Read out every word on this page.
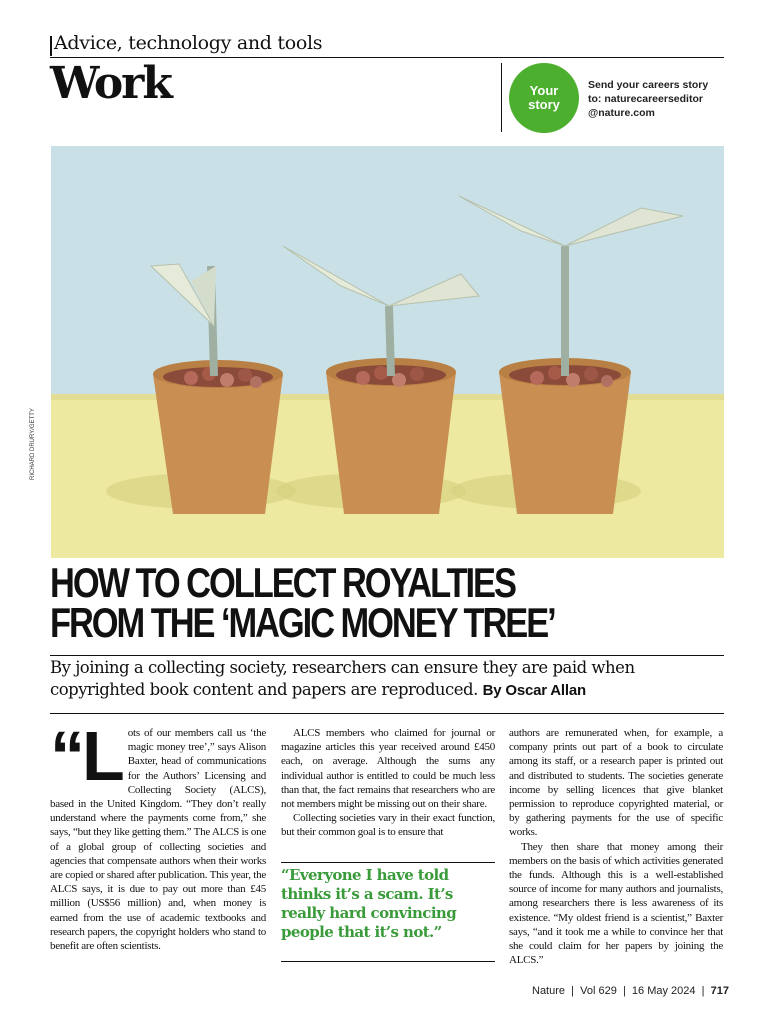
Advice, technology and tools
Work	Your
story
Send your careers story
to: naturecareerseditor
@nature.com
RICHARD DRURY/GETTY
HOW TO COLLECT ROYALTIES
FROM THE ‘MAGIC MONEY TREE’
By joining a collecting society, researchers can ensure they are paid when copyrighted book content and papers are reproduced. By Oscar Allan
“L ots of our members call us ‘the magic money tree’,” says Alison Baxter, head of communications for the Authors’ Licensing and Collecting Society (ALCS), based in the United Kingdom. “They don’t really understand where the payments come from,” she says, “but they like getting them.” The ALCS is one of a global group of collecting societies and agencies that compensate authors when their works are copied or shared after publication. This year, the ALCS says, it is due to pay out more than £45 million (US$56 million) and, when money is earned from the use of academic textbooks and research papers, the copyright holders who stand to benefit are often scientists.

ALCS members who claimed for journal or magazine articles this year received around £450 each, on average. Although the sums any individual author is entitled to could be much less than that, the fact remains that researchers who are not members might be missing out on their share.

Collecting societies vary in their exact function, but their common goal is to ensure that

“Everyone I have told thinks it’s a scam. It’s really hard convincing people that it’s not.”

authors are remunerated when, for example, a company prints out part of a book to circulate among its staff, or a research paper is printed out and distributed to students. The societies generate income by selling licences that give blanket permission to reproduce copyrighted material, or by gathering payments for the use of specific works.

They then share that money among their members on the basis of which activities generated the funds. Although this is a well-established source of income for many authors and journalists, among researchers there is less awareness of its existence. “My oldest friend is a scientist,” Baxter says, “and it took me a while to convince her that she could claim for her papers by joining the ALCS.”

Nature  |  Vol 629  |  16 May 2024  |  717
